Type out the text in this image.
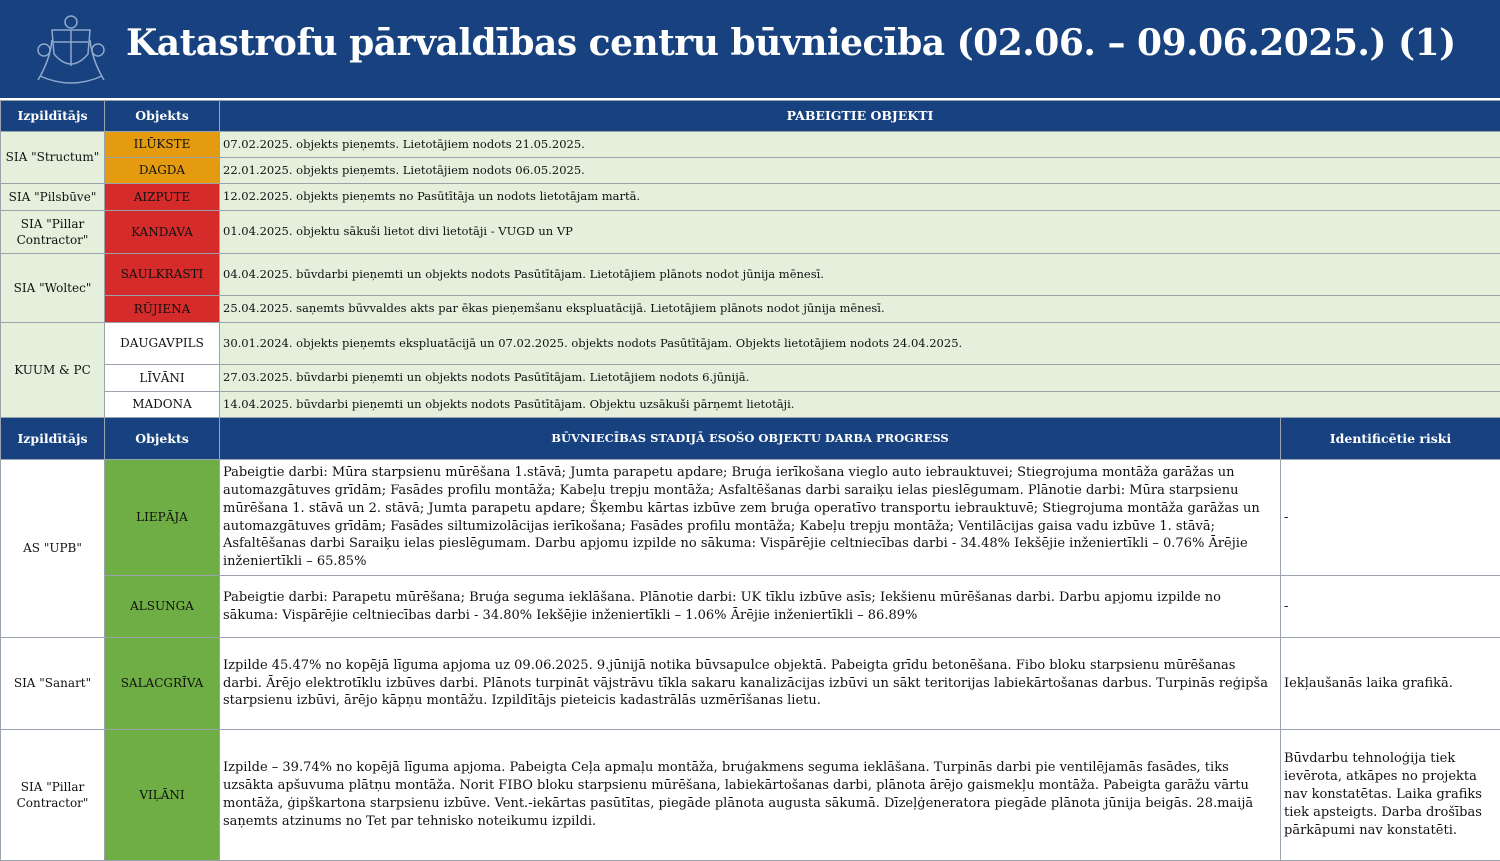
Katastrofu pārvaldības centru būvniecība (02.06. – 09.06.2025.) (1)
Izpildītājs	Objekts	PABEIGTIE OBJEKTI
SIA "Structum"	ILŪKSTE	07.02.2025. objekts pieņemts. Lietotājiem nodots 21.05.2025.
	DAGDA	22.01.2025. objekts pieņemts. Lietotājiem nodots 06.05.2025.
SIA "Pilsbūve"	AIZPUTE	12.02.2025. objekts pieņemts no Pasūtītāja un nodots lietotājam martā.
SIA "Pillar Contractor"	KANDAVA	01.04.2025. objektu sākuši lietot divi lietotāji - VUGD un VP
SIA "Woltec"	SAULKRASTI	04.04.2025. būvdarbi pieņemti un objekts nodots Pasūtītājam. Lietotājiem plānots nodot jūnija mēnesī.
	RŪJIENA	25.04.2025. saņemts būvvaldes akts par ēkas pieņemšanu ekspluatācijā. Lietotājiem plānots nodot jūnija mēnesī.
KUUM & PC	DAUGAVPILS	30.01.2024. objekts pieņemts ekspluatācijā un 07.02.2025. objekts nodots Pasūtītājam. Objekts lietotājiem nodots 24.04.2025.
	LĪVĀNI	27.03.2025. būvdarbi pieņemti un objekts nodots Pasūtītājam. Lietotājiem nodots 6.jūnijā.
	MADONA	14.04.2025. būvdarbi pieņemti un objekts nodots Pasūtītājam. Objektu uzsākuši pārņemt lietotāji.
Izpildītājs	Objekts	BŪVNIECĪBAS STADIJĀ ESOŠO OBJEKTU DARBA PROGRESS	Identificētie riski
AS "UPB"	LIEPĀJA	Pabeigtie darbi: Mūra starpsienu mūrēšana 1.stāvā; Jumta parapetu apdare; Bruģa ierīkošana vieglo auto iebrauktuvei; Stiegrojuma montāža garāžas un automazgātuves grīdām; Fasādes profilu montāža; Kabeļu trepju montāža; Asfaltēšanas darbi saraiķu ielas pieslēgumam. Plānotie darbi: Mūra starpsienu mūrēšana 1. stāvā un 2. stāvā; Jumta parapetu apdare; Šķembu kārtas izbūve zem bruģa operatīvo transportu iebrauktuvē; Stiegrojuma montāža garāžas un automazgātuves grīdām; Fasādes siltumizolācijas ierīkošana; Fasādes profilu montāža; Kabeļu trepju montāža; Ventilācijas gaisa vadu izbūve 1. stāvā; Asfaltēšanas darbi Saraiķu ielas pieslēgumam. Darbu apjomu izpilde no sākuma: Vispārējie celtniecības darbi - 34.48% Iekšējie inženiertīkli – 0.76% Ārējie inženiertīkli – 65.85%	-
	ALSUNGA	Pabeigtie darbi: Parapetu mūrēšana; Bruģa seguma ieklāšana. Plānotie darbi: UK tīklu izbūve asīs; Iekšienu mūrēšanas darbi. Darbu apjomu izpilde no sākuma: Vispārējie celtniecības darbi - 34.80% Iekšējie inženiertīkli – 1.06% Ārējie inženiertīkli – 86.89%	-
SIA "Sanart"	SALACGRĪVA	Izpilde 45.47% no kopējā līguma apjoma uz 09.06.2025. 9.jūnijā notika būvsapulce objektā. Pabeigta grīdu betonēšana. Fibo bloku starpsienu mūrēšanas darbi. Ārējo elektrotīklu izbūves darbi. Plānots turpināt vājstrāvu tīkla sakaru kanalizācijas izbūvi un sākt teritorijas labiekārtošanas darbus. Turpinās reģipša starpsienu izbūvi, ārējo kāpņu montāžu. Izpildītājs pieteicis kadastrālās uzmērīšanas lietu.	Iekļaušanās laika grafikā.
SIA "Pillar Contractor"	VIĻĀNI	Izpilde – 39.74% no kopējā līguma apjoma. Pabeigta Ceļa apmaļu montāža, bruģakmens seguma ieklāšana. Turpinās darbi pie ventilējamās fasādes, tiks uzsākta apšuvuma plātņu montāža. Norit FIBO bloku starpsienu mūrēšana, labiekārtošanas darbi, plānota ārējo gaismekļu montāža. Pabeigta garāžu vārtu montāža, ģipškartona starpsienu izbūve. Vent.-iekārtas pasūtītas, piegāde plānota augusta sākumā. Dīzeļģeneratora piegāde plānota jūnija beigās. 28.maijā saņemts atzinums no Tet par tehnisko noteikumu izpildi.	Būvdarbu tehnoloģija tiek ievērota, atkāpes no projekta nav konstatētas. Laika grafiks tiek apsteigts. Darba drošības pārkāpumi nav konstatēti.
